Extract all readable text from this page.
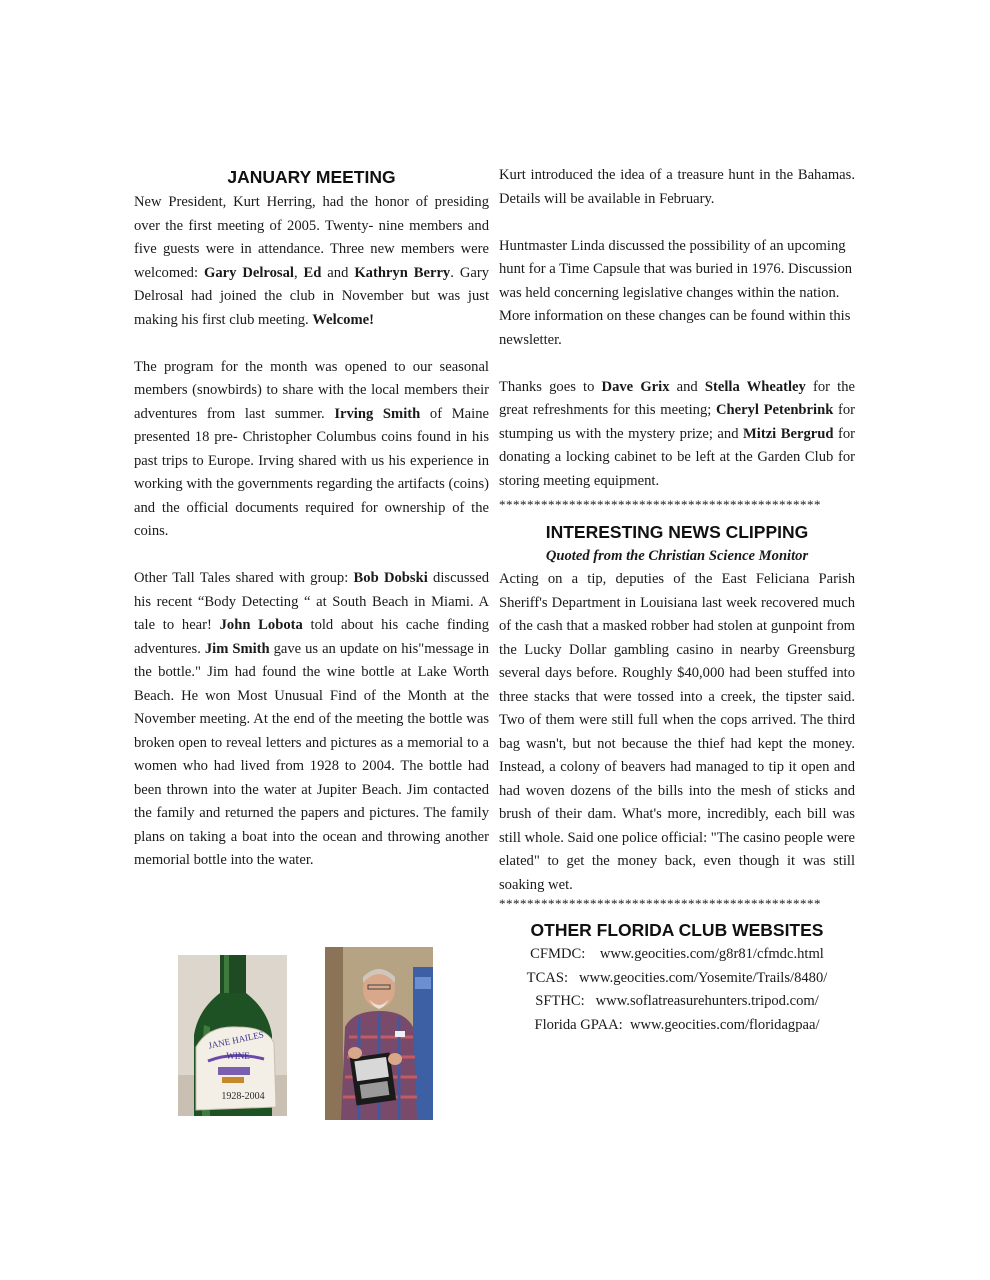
JANUARY MEETING

New President, Kurt Herring, had the honor of presiding over the first meeting of 2005. Twenty- nine members and five guests were in attendance. Three new members were welcomed: Gary Delrosal, Ed and Kathryn Berry. Gary Delrosal had joined the club in November but was just making his first club meeting. Welcome!

The program for the month was opened to our seasonal members (snowbirds) to share with the local members their adventures from last summer. Irving Smith of Maine presented 18 pre- Christopher Columbus coins found in his past trips to Europe. Irving shared with us his experience in working with the governments regarding the artifacts (coins) and the official documents required for ownership of the coins.

Other Tall Tales shared with group: Bob Dobski discussed his recent “Body Detecting “ at South Beach in Miami. A tale to hear! John Lobota told about his cache finding adventures. Jim Smith gave us an update on his"message in the bottle." Jim had found the wine bottle at Lake Worth Beach. He won Most Unusual Find of the Month at the November meeting. At the end of the meeting the bottle was broken open to reveal letters and pictures as a memorial to a women who had lived from 1928 to 2004. The bottle had been thrown into the water at Jupiter Beach. Jim contacted the family and returned the papers and pictures. The family plans on taking a boat into the ocean and throwing another memorial bottle into the water.

JANE HAILES
WINE
1928-2004

Kurt introduced the idea of a treasure hunt in the Bahamas. Details will be available in February.

Huntmaster Linda discussed the possibility of an upcoming hunt for a Time Capsule that was buried in 1976. Discussion was held concerning legislative changes within the nation. More information on these changes can be found within this newsletter.

Thanks goes to Dave Grix and Stella Wheatley for the great refreshments for this meeting; Cheryl Petenbrink for stumping us with the mystery prize; and Mitzi Bergrud for donating a locking cabinet to be left at the Garden Club for storing meeting equipment.

**********************************************

INTERESTING NEWS CLIPPING

Quoted from the Christian Science Monitor

Acting on a tip, deputies of the East Feliciana Parish Sheriff's Department in Louisiana last week recovered much of the cash that a masked robber had stolen at gunpoint from the Lucky Dollar gambling casino in nearby Greensburg several days before. Roughly $40,000 had been stuffed into three stacks that were tossed into a creek, the tipster said. Two of them were still full when the cops arrived. The third bag wasn't, but not because the thief had kept the money. Instead, a colony of beavers had managed to tip it open and had woven dozens of the bills into the mesh of sticks and brush of their dam. What's more, incredibly, each bill was still whole. Said one police official: "The casino people were elated" to get the money back, even though it was still soaking wet.

**********************************************

OTHER FLORIDA CLUB WEBSITES

CFMDC:    www.geocities.com/g8r81/cfmdc.html

TCAS:   www.geocities.com/Yosemite/Trails/8480/

SFTHC:   www.soflatreasurehunters.tripod.com/

Florida GPAA:  www.geocities.com/floridagpaa/
